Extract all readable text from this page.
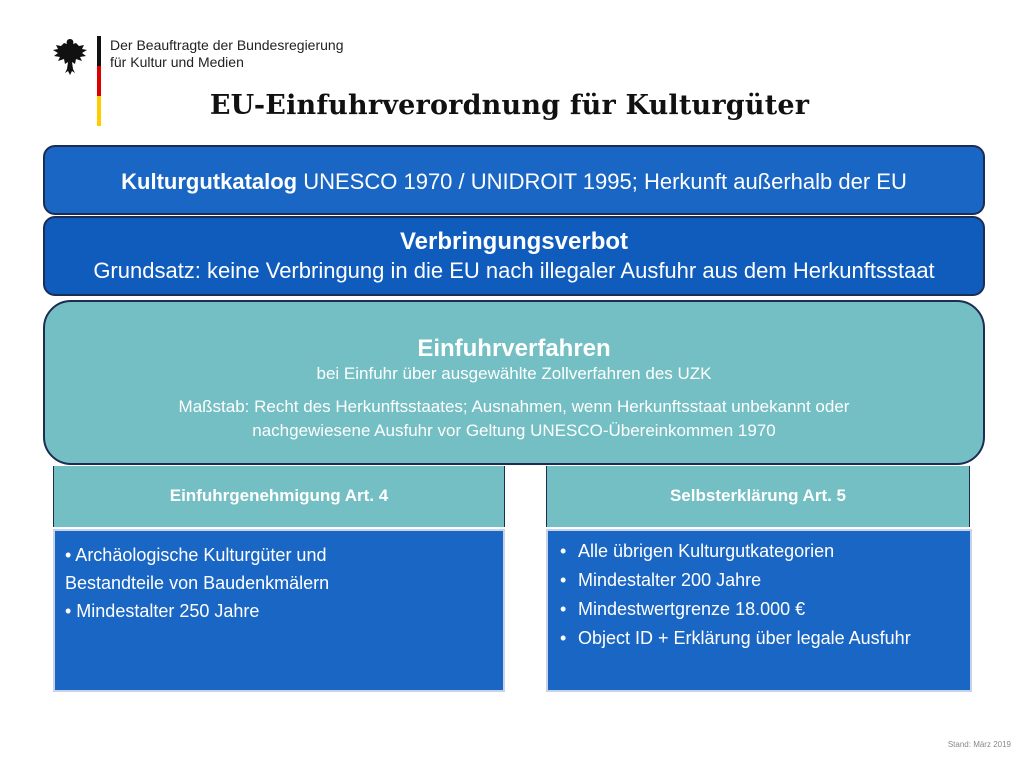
Der Beauftragte der Bundesregierung
für Kultur und Medien
EU-Einfuhrverordnung für Kulturgüter
Kulturgutkatalog UNESCO 1970 / UNIDROIT 1995; Herkunft außerhalb der EU
Verbringungsverbot
Grundsatz: keine Verbringung in die EU nach illegaler Ausfuhr aus dem Herkunftsstaat
Einfuhrverfahren
bei Einfuhr über ausgewählte Zollverfahren des UZK
Maßstab: Recht des Herkunftsstaates; Ausnahmen, wenn Herkunftsstaat unbekannt oder
nachgewiesene Ausfuhr vor Geltung UNESCO-Übereinkommen 1970
Einfuhrgenehmigung Art. 4	Selbsterklärung Art. 5
• Archäologische Kulturgüter und
Bestandteile von Baudenkmälern
• Mindestalter 250 Jahre
• Alle übrigen Kulturgutkategorien
• Mindestalter 200 Jahre
• Mindestwertgrenze 18.000 €
• Object ID + Erklärung über legale Ausfuhr
Stand: März 2019
